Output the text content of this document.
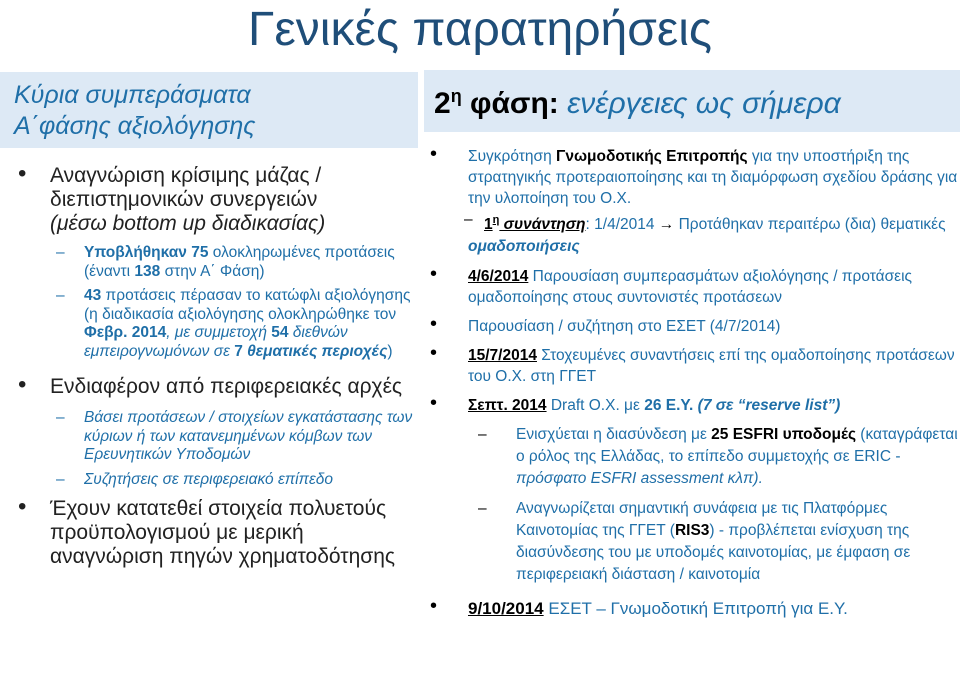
Γενικές παρατηρήσεις
Κύρια συμπεράσματα
Α΄φάσης αξιολόγησης
• Αναγνώριση κρίσιμης μάζας /
διεπιστημονικών συνεργειών
(μέσω bottom up διαδικασίας)
– Υποβλήθηκαν 75 ολοκληρωμένες προτάσεις (έναντι 138 στην Α΄ Φάση)
– 43 προτάσεις πέρασαν το κατώφλι αξιολόγησης (η διαδικασία αξιολόγησης ολοκληρώθηκε τον Φεβρ. 2014, με συμμετοχή 54 διεθνών εμπειρογνωμόνων σε 7 θεματικές περιοχές)
• Ενδιαφέρον από περιφερειακές αρχές
– Βάσει προτάσεων / στοιχείων εγκατάστασης των κύριων ή των κατανεμημένων κόμβων των Ερευνητικών Υποδομών
– Συζητήσεις σε περιφερειακό επίπεδο
• Έχουν κατατεθεί στοιχεία πολυετούς προϋπολογισμού με μερική αναγνώριση πηγών χρηματοδότησης
$2^\eta$ φάση: ενέργειες ως σήμερα
• Συγκρότηση Γνωμοδοτικής Επιτροπής για την υποστήριξη της στρατηγικής προτεραιοποίησης και τη διαμόρφωση σχεδίου δράσης για την υλοποίηση του Ο.Χ.
– $1^\eta$ συνάντηση: 1/4/2014 → Προτάθηκαν περαιτέρω (δια) θεματικές ομαδοποιήσεις
• 4/6/2014 Παρουσίαση συμπερασμάτων αξιολόγησης / προτάσεις ομαδοποίησης στους συντονιστές προτάσεων
• Παρουσίαση / συζήτηση στο ΕΣΕΤ (4/7/2014)
• 15/7/2014 Στοχευμένες συναντήσεις επί της ομαδοποίησης προτάσεων του Ο.Χ. στη ΓΓΕΤ
• Σεπτ. 2014 Draft Ο.Χ. με 26 Ε.Υ. (7 σε “reserve list”)
– Ενισχύεται η διασύνδεση με 25 ESFRI υποδομές (καταγράφεται ο ρόλος της Ελλάδας, το επίπεδο συμμετοχής σε ERIC - πρόσφατο ESFRI assessment κλπ).
– Αναγνωρίζεται σημαντική συνάφεια με τις Πλατφόρμες Καινοτομίας της ΓΓΕΤ (RIS3) - προβλέπεται ενίσχυση της διασύνδεσης του με υποδομές καινοτομίας, με έμφαση σε περιφερειακή διάσταση / καινοτομία
• 9/10/2014 ΕΣΕΤ – Γνωμοδοτική Επιτροπή για Ε.Υ.
